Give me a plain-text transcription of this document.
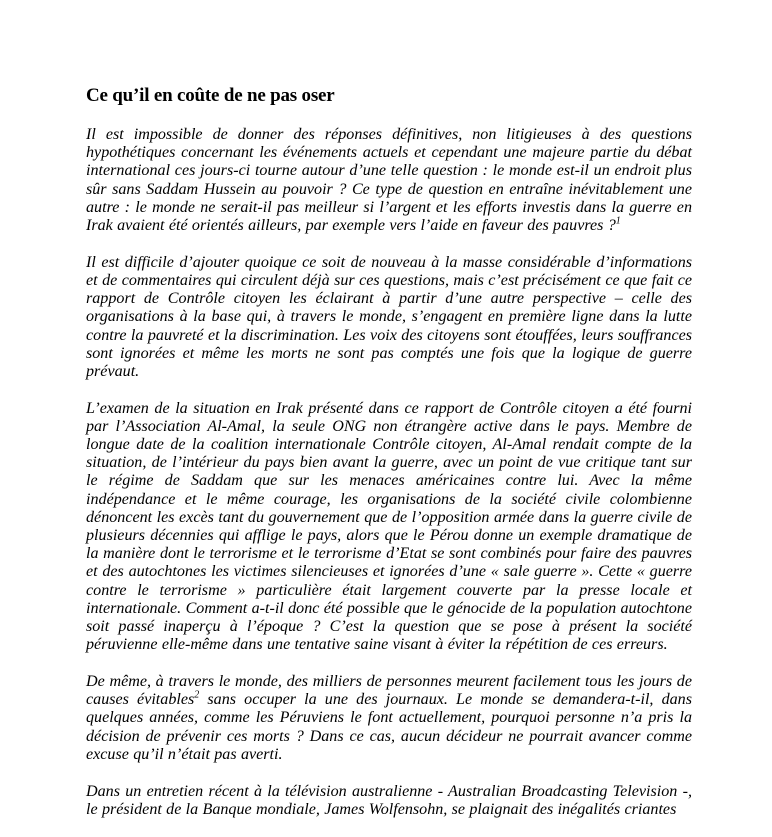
Ce qu’il en coûte de ne pas oser

Il est impossible de donner des réponses définitives, non litigieuses à des questions hypothétiques concernant les événements actuels et cependant une majeure partie du débat international ces jours-ci tourne autour d’une telle question : le monde est-il un endroit plus sûr sans Saddam Hussein au pouvoir ? Ce type de question en entraîne inévitablement une autre : le monde ne serait-il pas meilleur si l’argent et les efforts investis dans la guerre en Irak avaient été orientés ailleurs, par exemple vers l’aide en faveur des pauvres ?$^1$

Il est difficile d’ajouter quoique ce soit de nouveau à la masse considérable d’informations et de commentaires qui circulent déjà sur ces questions, mais c’est précisément ce que fait ce rapport de Contrôle citoyen les éclairant à partir d’une autre perspective – celle des organisations à la base qui, à travers le monde, s’engagent en première ligne dans la lutte contre la pauvreté et la discrimination. Les voix des citoyens sont étouffées, leurs souffrances sont ignorées et même les morts ne sont pas comptés une fois que la logique de guerre prévaut.

L’examen de la situation en Irak présenté dans ce rapport de Contrôle citoyen a été fourni par l’Association Al-Amal, la seule ONG non étrangère active dans le pays. Membre de longue date de la coalition internationale Contrôle citoyen, Al-Amal rendait compte de la situation, de l’intérieur du pays bien avant la guerre, avec un point de vue critique tant sur le régime de Saddam que sur les menaces américaines contre lui. Avec la même indépendance et le même courage, les organisations de la société civile colombienne dénoncent les excès tant du gouvernement que de l’opposition armée dans la guerre civile de plusieurs décennies qui afflige le pays, alors que le Pérou donne un exemple dramatique de la manière dont le terrorisme et le terrorisme d’Etat se sont combinés pour faire des pauvres et des autochtones les victimes silencieuses et ignorées d’une « sale guerre ». Cette « guerre contre le terrorisme » particulière était largement couverte par la presse locale et internationale. Comment a-t-il donc été possible que le génocide de la population autochtone soit passé inaperçu à l’époque ? C’est la question que se pose à présent la société péruvienne elle-même dans une tentative saine visant à éviter la répétition de ces erreurs.

De même, à travers le monde, des milliers de personnes meurent facilement tous les jours de causes évitables$^2$ sans occuper la une des journaux. Le monde se demandera-t-il, dans quelques années, comme les Péruviens le font actuellement, pourquoi personne n’a pris la décision de prévenir ces morts ? Dans ce cas, aucun décideur ne pourrait avancer comme excuse qu’il n’était pas averti.

Dans un entretien récent à la télévision australienne - Australian Broadcasting Television -, le président de la Banque mondiale, James Wolfensohn, se plaignait des inégalités criantes
